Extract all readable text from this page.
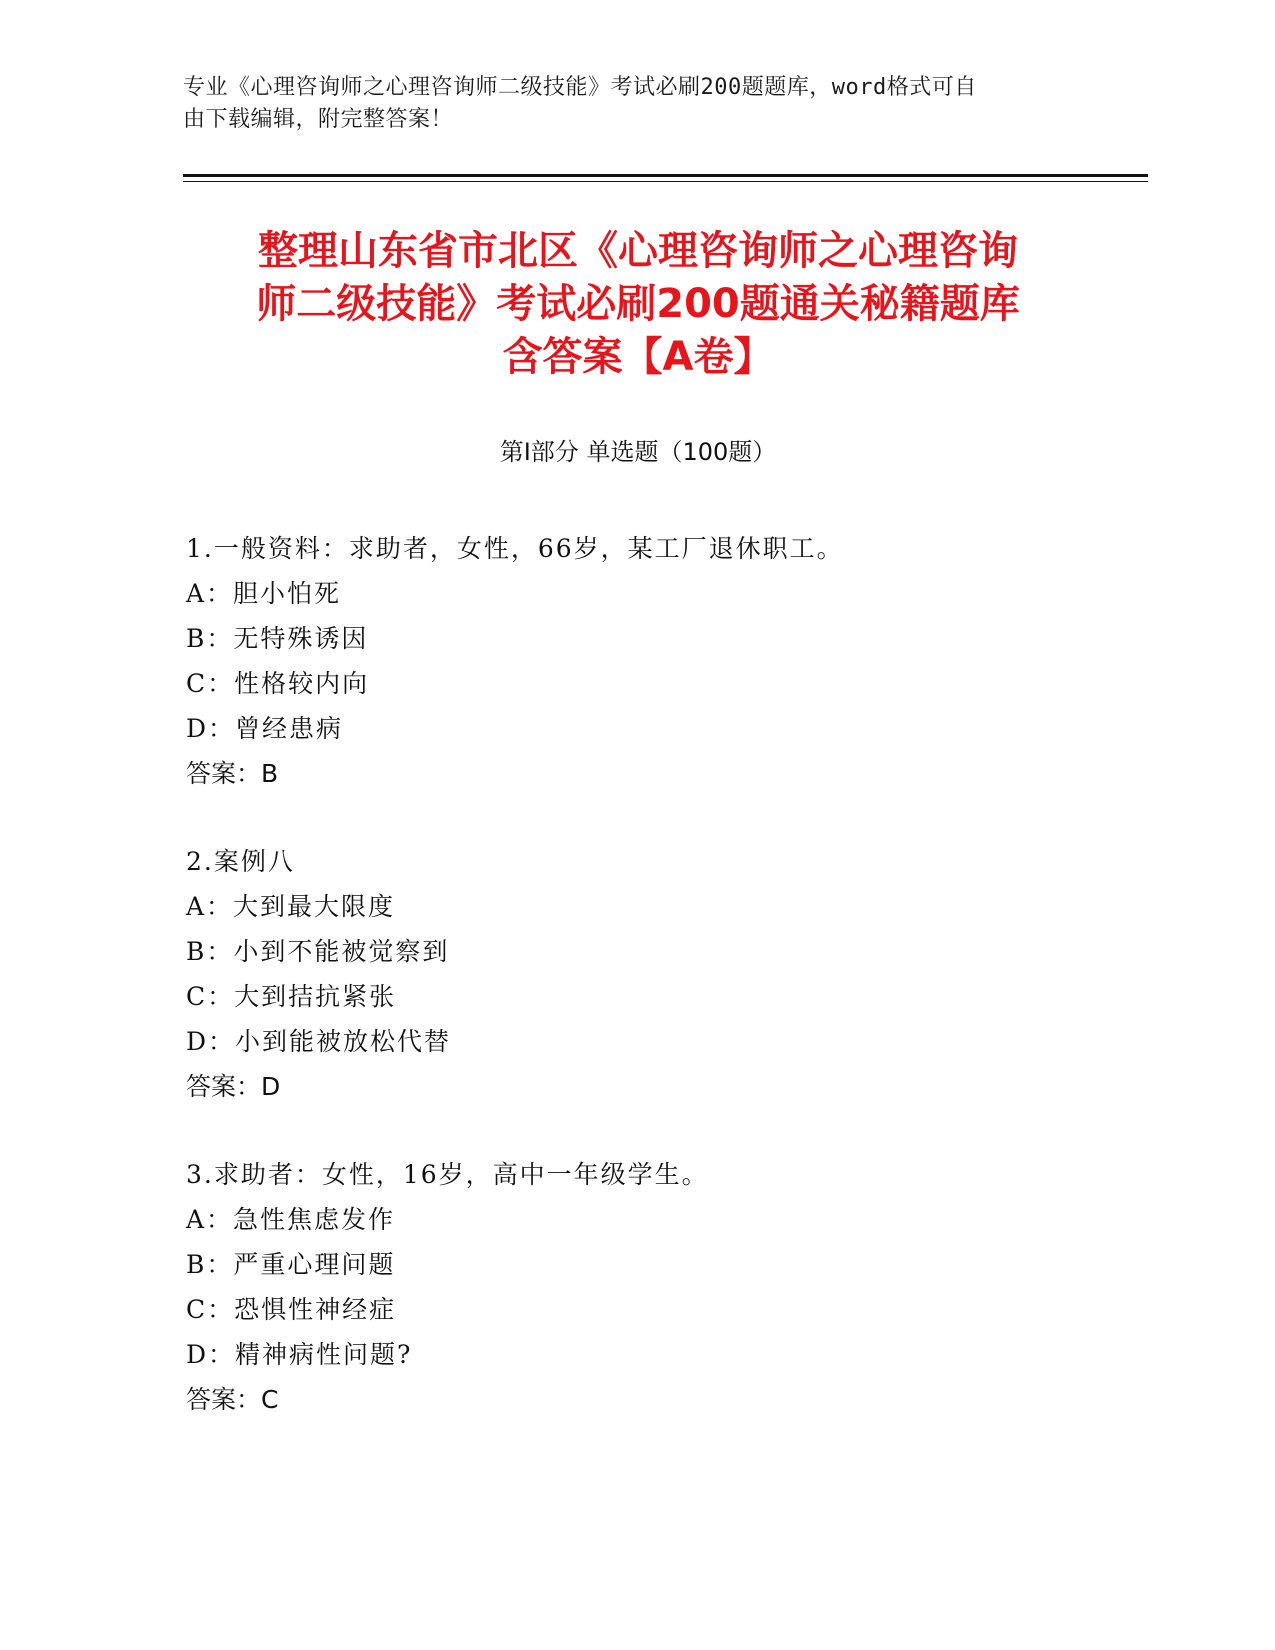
专业《心理咨询师之心理咨询师二级技能》考试必刷200题题库，word格式可自
由下载编辑，附完整答案！
整理山东省市北区《心理咨询师之心理咨询
师二级技能》考试必刷200题通关秘籍题库
含答案【A卷】
第Ⅰ部分 单选题（100题）
1.一般资料：求助者，女性，66岁，某工厂退休职工。
A：胆小怕死
B：无特殊诱因
C：性格较内向
D：曾经患病
答案：B
2.案例八
A：大到最大限度
B：小到不能被觉察到
C：大到拮抗紧张
D：小到能被放松代替
答案：D
3.求助者：女性，16岁，高中一年级学生。
A：急性焦虑发作
B：严重心理问题
C：恐惧性神经症
D：精神病性问题?
答案：C
